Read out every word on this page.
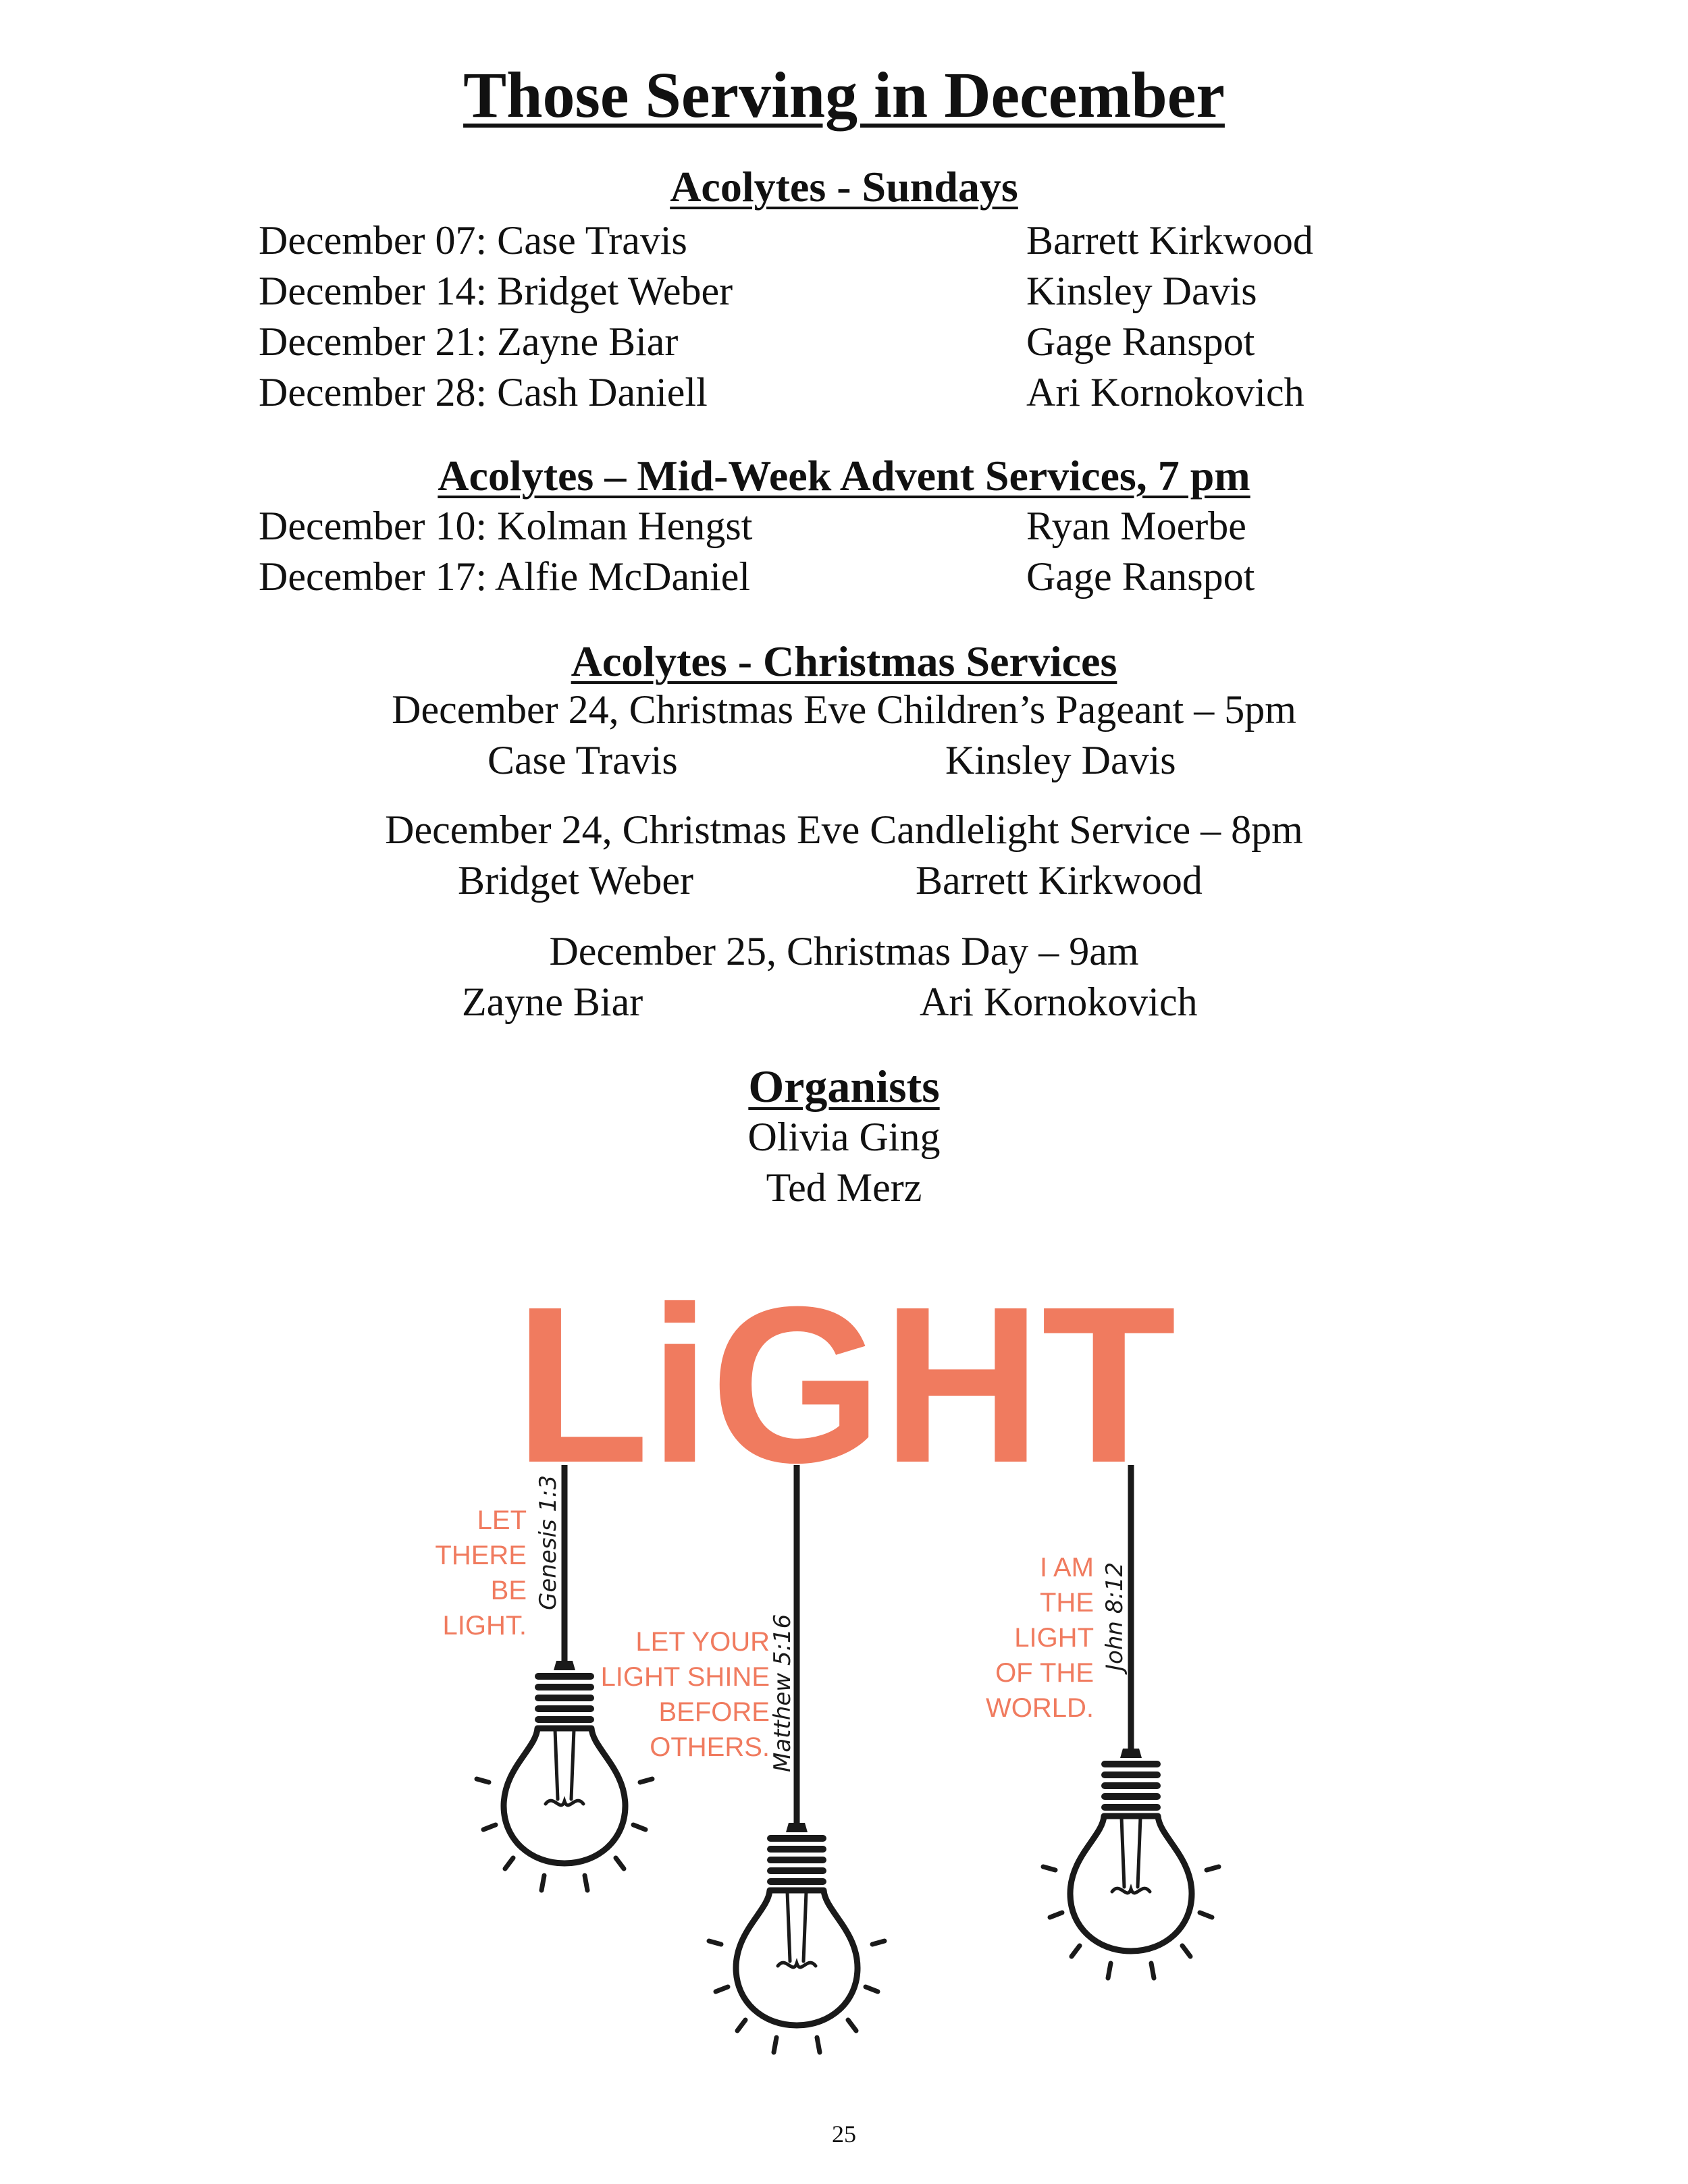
Those Serving in December
Acolytes - Sundays
December 07: Case Travis	Barrett Kirkwood
December 14: Bridget Weber	Kinsley Davis
December 21: Zayne Biar	Gage Ranspot
December 28: Cash Daniell	Ari Kornokovich
Acolytes – Mid-Week Advent Services, 7 pm
December 10: Kolman Hengst	Ryan Moerbe
December 17: Alfie McDaniel	Gage Ranspot
Acolytes - Christmas Services
December 24, Christmas Eve Children’s Pageant – 5pm
Case Travis	Kinsley Davis
December 24, Christmas Eve Candlelight Service – 8pm
Bridget Weber	Barrett Kirkwood
December 25, Christmas Day – 9am
Zayne Biar	Ari Kornokovich
Organists
Olivia Ging
Ted Merz
LiGHT
LET
THERE
BE
LIGHT.
Genesis 1:3
LET YOUR
LIGHT SHINE
BEFORE
OTHERS. Matthew 5:16
I AM
THE
LIGHT
OF THE
WORLD.
John 8:12
25
